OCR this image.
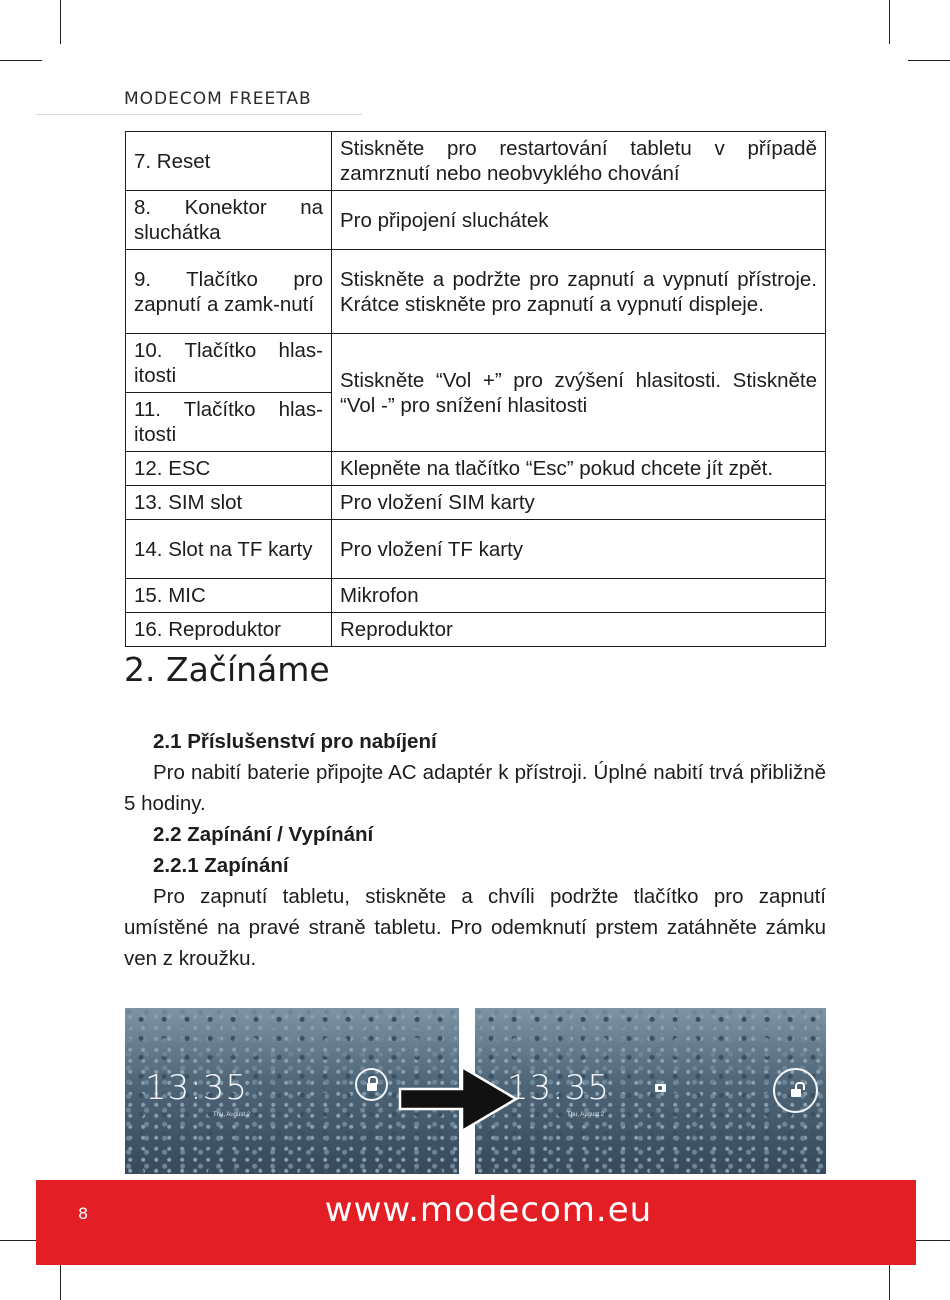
MODECOM FREETAB
7. Reset	Stiskněte pro restartování tabletu v případě zamrznutí nebo neobvyklého chování
8. Konektor na sluchátka	Pro připojení sluchátek
9. Tlačítko pro zapnutí a zamk-nutí	Stiskněte a podržte pro zapnutí a vypnutí přístroje. Krátce stiskněte pro zapnutí a vypnutí displeje.
10. Tlačítko hlas-itosti	Stiskněte “Vol +” pro zvýšení hlasitosti. Stiskněte “Vol -” pro snížení hlasitosti
11. Tlačítko hlas-itosti	
12. ESC	Klepněte na tlačítko “Esc” pokud chcete jít zpět.
13. SIM slot	Pro vložení SIM karty
14. Slot na TF karty	Pro vložení TF karty
15. MIC	Mikrofon
16. Reproduktor	Reproduktor
2. Začínáme
2.1 Příslušenství pro nabíjení

Pro nabití baterie připojte AC adaptér k přístroji. Úplné nabití trvá přibližně 5 hodiny.

2.2 Zapínání / Vypínání
2.2.1 Zapínání

Pro zapnutí tabletu, stiskněte a chvíli podržte tlačítko pro zapnutí umístěné na pravé straně tabletu. Pro odemknutí prstem zatáhněte zámku ven z kroužku.

13:35
Thu, August 2
13:35
Thu, August 2
8	www.modecom.eu
